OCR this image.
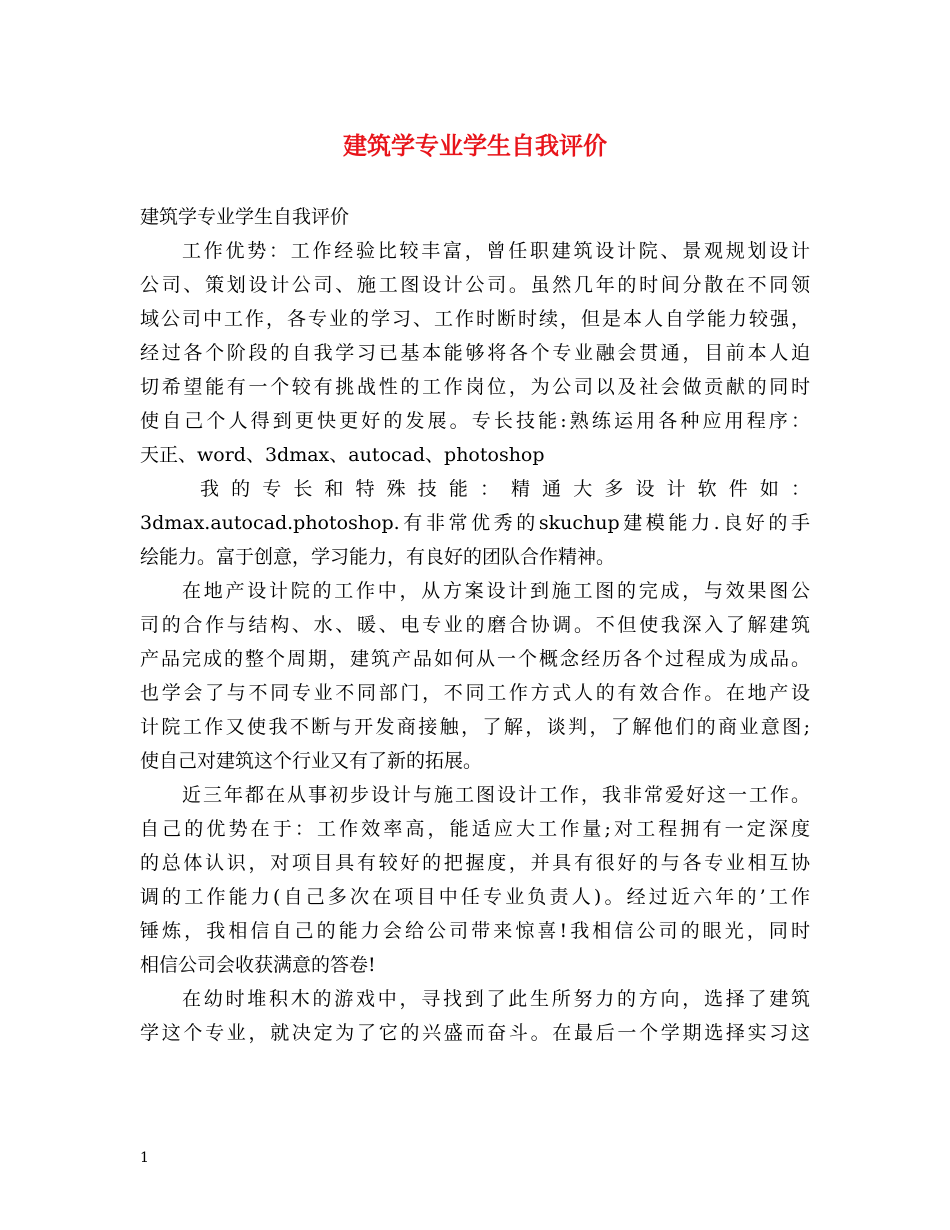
建筑学专业学生自我评价
建筑学专业学生自我评价
工作优势：工作经验比较丰富，曾任职建筑设计院、景观规划设计
公司、策划设计公司、施工图设计公司。虽然几年的时间分散在不同领
域公司中工作，各专业的学习、工作时断时续，但是本人自学能力较强，
经过各个阶段的自我学习已基本能够将各个专业融会贯通，目前本人迫
切希望能有一个较有挑战性的工作岗位，为公司以及社会做贡献的同时
使自己个人得到更快更好的发展。专长技能:熟练运用各种应用程序：
天正、word、3dmax、autocad、photoshop
我的专长和特殊技能：精通大多设计软件如：
3dmax.autocad.photoshop.有非常优秀的skuchup建模能力.良好的手
绘能力。富于创意，学习能力，有良好的团队合作精神。
在地产设计院的工作中，从方案设计到施工图的完成，与效果图公
司的合作与结构、水、暖、电专业的磨合协调。不但使我深入了解建筑
产品完成的整个周期，建筑产品如何从一个概念经历各个过程成为成品。
也学会了与不同专业不同部门，不同工作方式人的有效合作。在地产设
计院工作又使我不断与开发商接触，了解，谈判，了解他们的商业意图;
使自己对建筑这个行业又有了新的拓展。
近三年都在从事初步设计与施工图设计工作，我非常爱好这一工作。
自己的优势在于：工作效率高，能适应大工作量;对工程拥有一定深度
的总体认识，对项目具有较好的把握度，并具有很好的与各专业相互协
调的工作能力(自己多次在项目中任专业负责人)。经过近六年的’工作
锤炼，我相信自己的能力会给公司带来惊喜!我相信公司的眼光，同时
相信公司会收获满意的答卷!
在幼时堆积木的游戏中，寻找到了此生所努力的方向，选择了建筑
学这个专业，就决定为了它的兴盛而奋斗。在最后一个学期选择实习这
1
